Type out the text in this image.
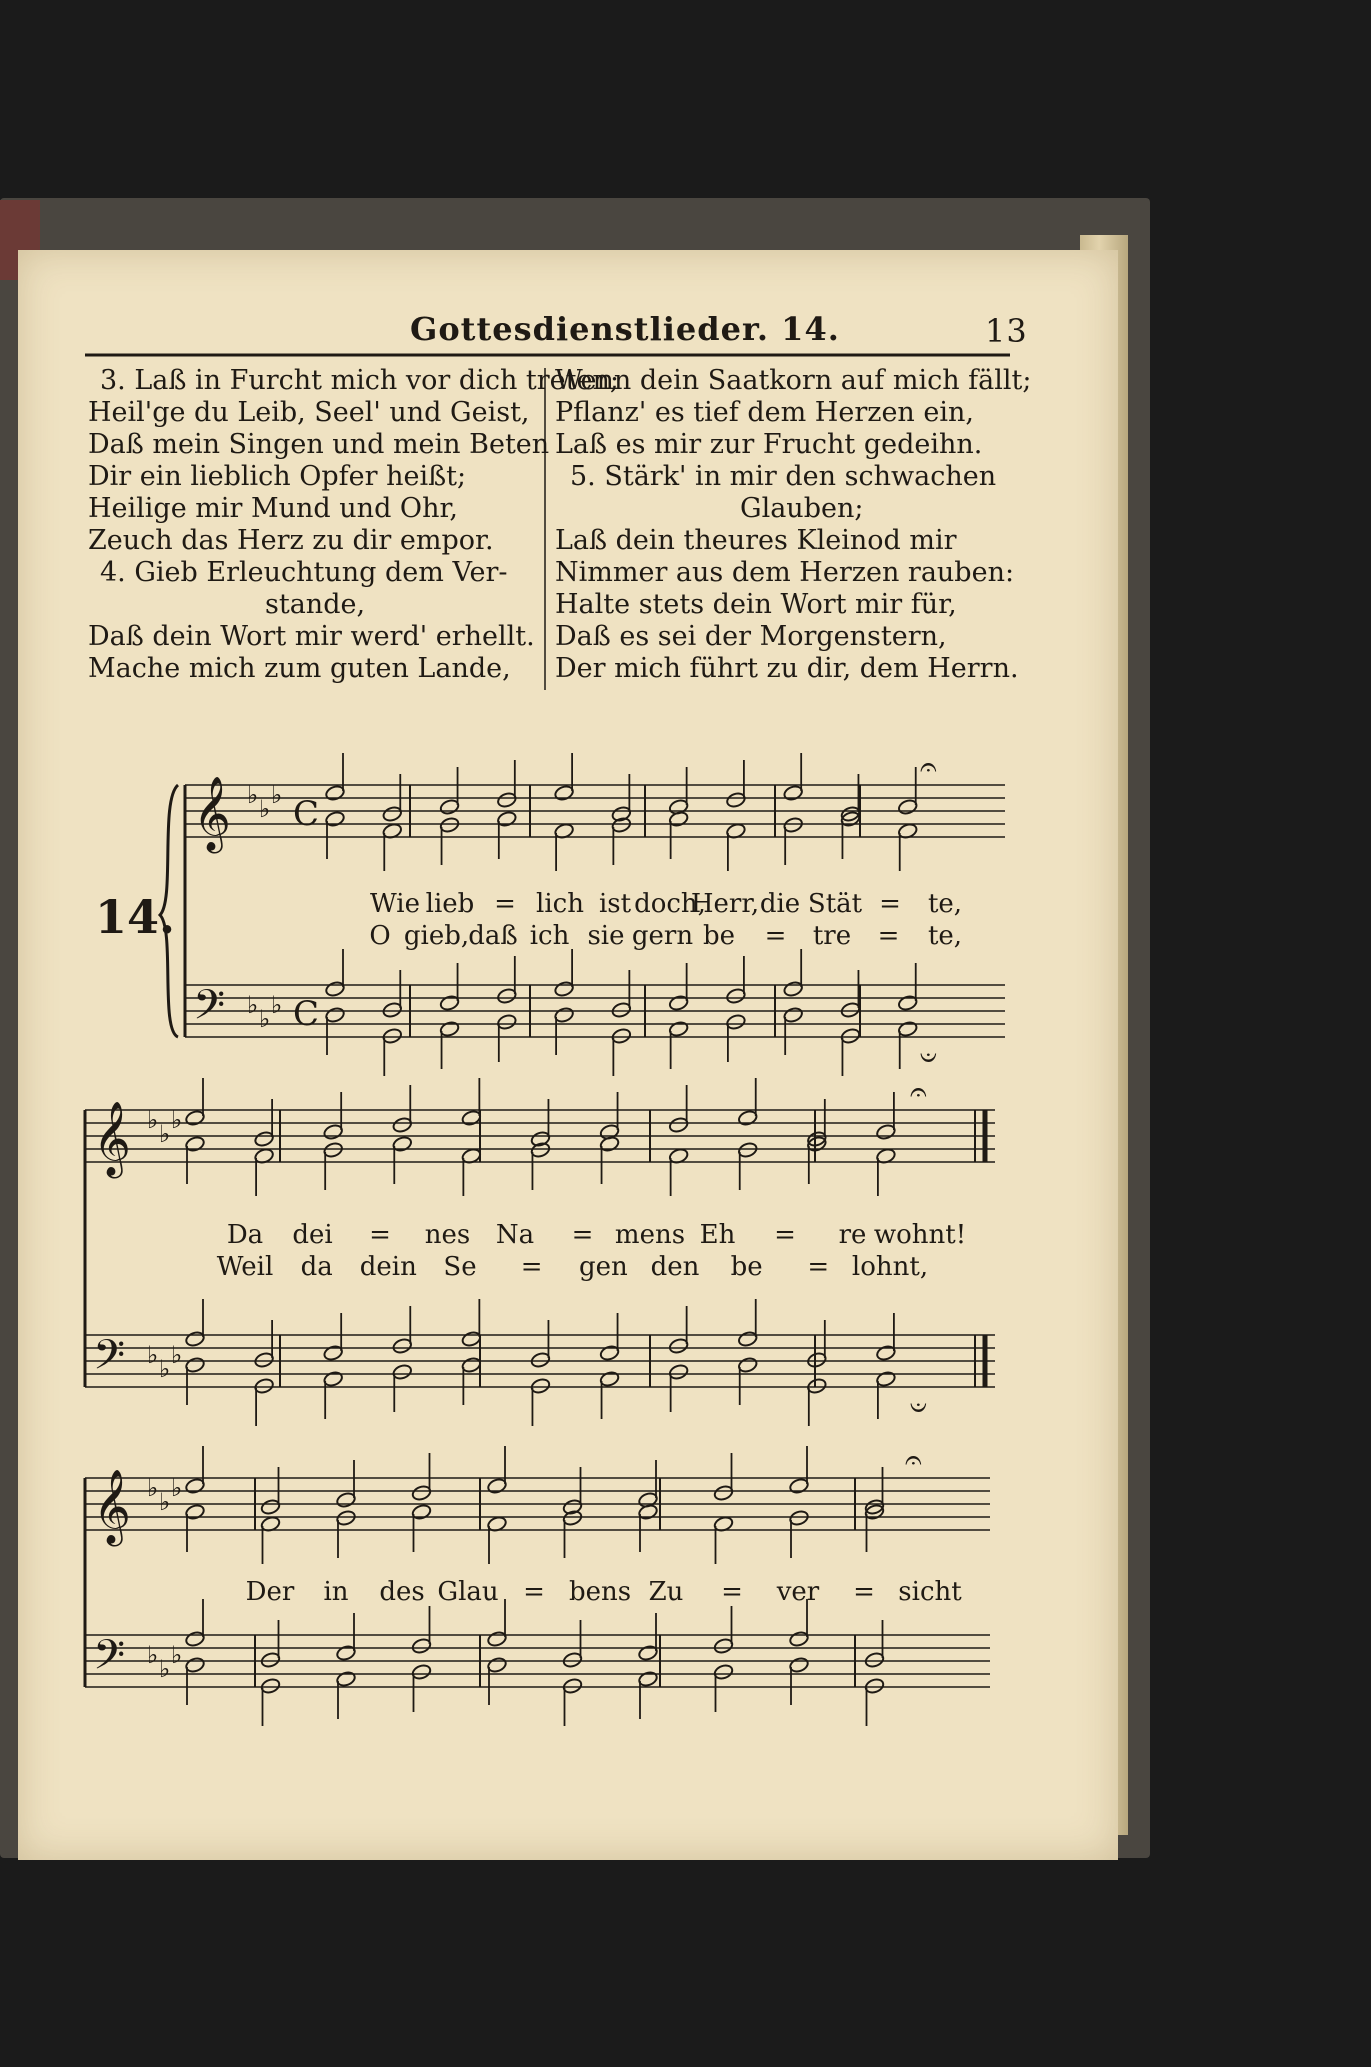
Gottesdienstlieder. 14.	13
3. Laß in Furcht mich vor dich treten;
Heil'ge du Leib, Seel' und Geist,
Daß mein Singen und mein Beten
Dir ein lieblich Opfer heißt;
Heilige mir Mund und Ohr,
Zeuch das Herz zu dir empor.
4. Gieb Erleuchtung dem Ver-
stande,
Daß dein Wort mir werd' erhellt.
Mache mich zum guten Lande,
Wenn dein Saatkorn auf mich fällt;
Pflanz' es tief dem Herzen ein,
Laß es mir zur Frucht gedeihn.
5. Stärk' in mir den schwachen
Glauben;
Laß dein theures Kleinod mir
Nimmer aus dem Herzen rauben:
Halte stets dein Wort mir für,
Daß es sei der Morgenstern,
Der mich führt zu dir, dem Herrn.
14.
𝄞
𝄢
♭
♭
♭
♭
♭
♭
C
C
𝄐
𝄑
𝄞
𝄢
♭
♭
♭
♭
♭
♭
𝄐
𝄑
𝄞
𝄢
♭
♭
♭
♭
♭
♭
𝄐
Wie lieb = lich ist doch,
Herr, die Stät = te,
O gieb, daß ich sie gern be = tre = te,
Da dei = nes Na = mens Eh = re wohnt!
Weil da dein Se = gen den be = lohnt,
Der in des Glau = bens Zu = ver = sicht
